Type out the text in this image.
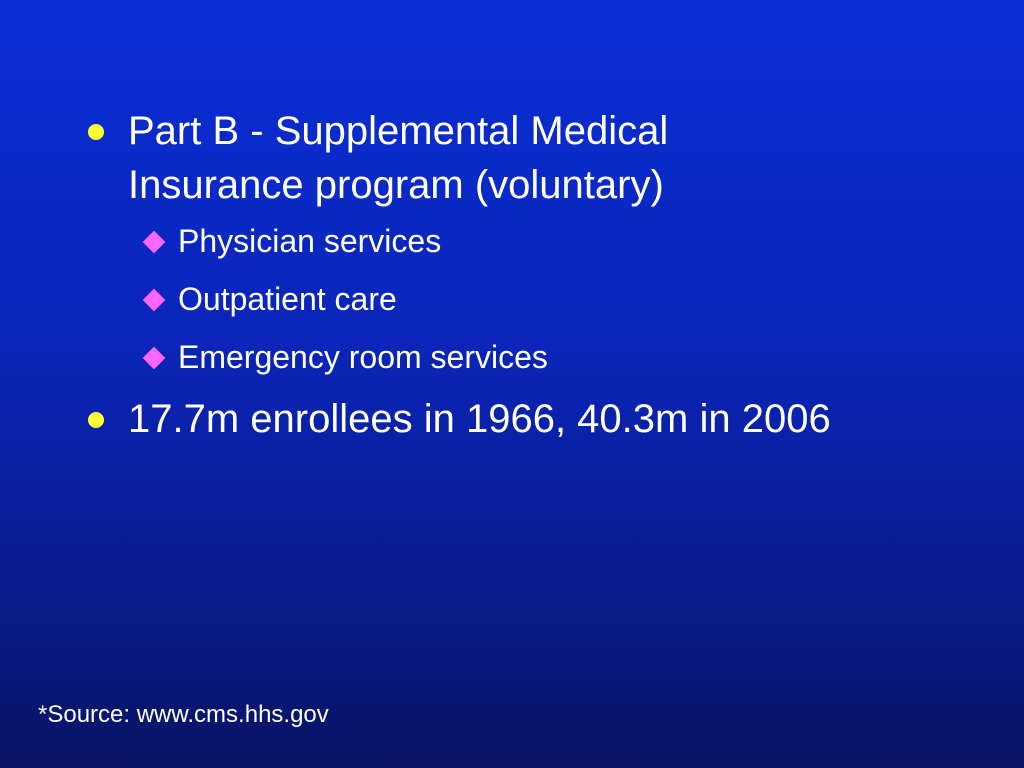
Part B - Supplemental Medical
Insurance program (voluntary)
Physician services
Outpatient care
Emergency room services
17.7m enrollees in 1966, 40.3m in 2006
*Source: www.cms.hhs.gov
